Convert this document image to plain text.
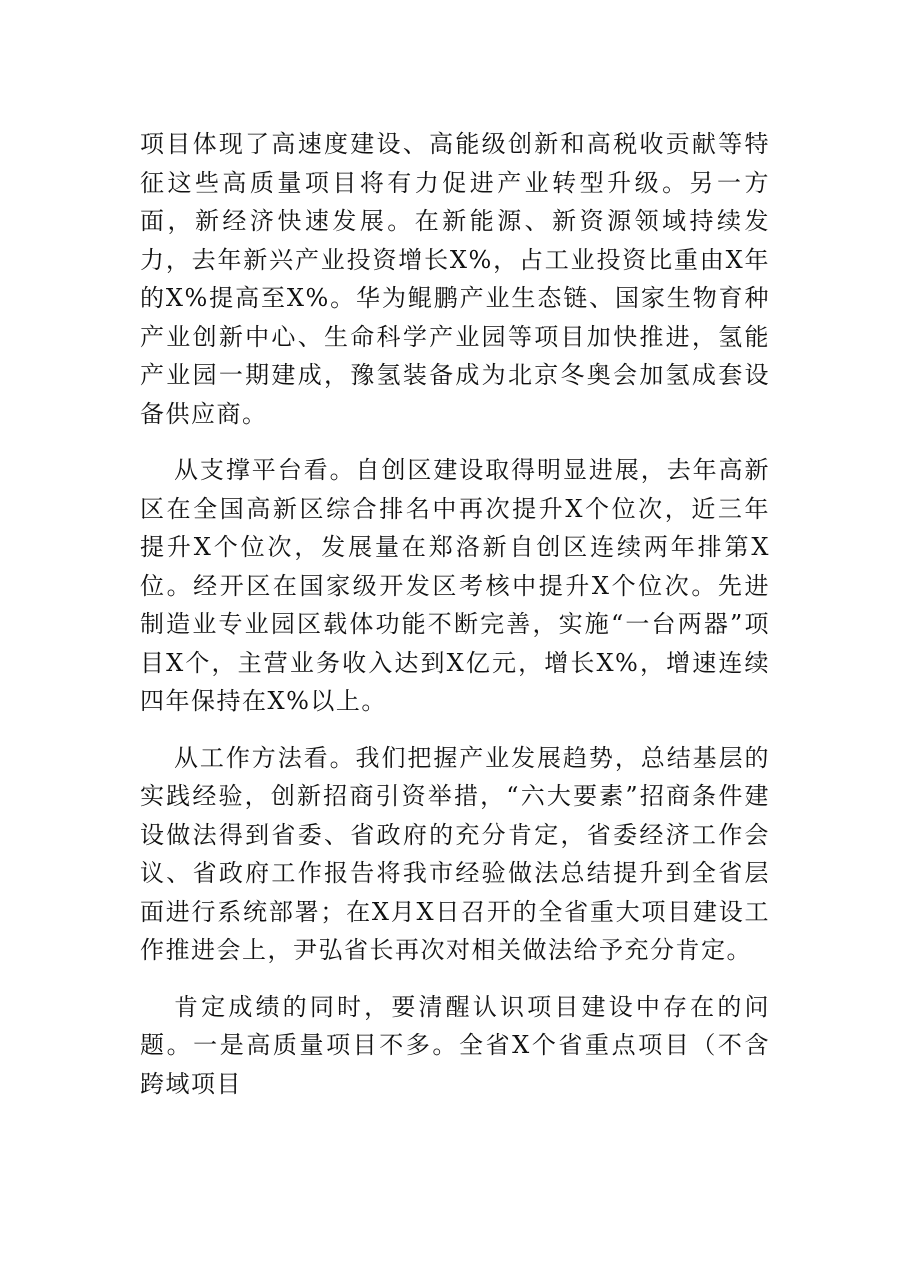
项目体现了高速度建设、高能级创新和高税收贡献等特征这些高质量项目将有力促进产业转型升级。另一方面，新经济快速发展。在新能源、新资源领域持续发力，去年新兴产业投资增长X%，占工业投资比重由X年的X%提高至X%。华为鲲鹏产业生态链、国家生物育种产业创新中心、生命科学产业园等项目加快推进，氢能产业园一期建成，豫氢装备成为北京冬奥会加氢成套设备供应商。

从支撑平台看。自创区建设取得明显进展，去年高新区在全国高新区综合排名中再次提升X个位次，近三年提升X个位次，发展量在郑洛新自创区连续两年排第X位。经开区在国家级开发区考核中提升X个位次。先进制造业专业园区载体功能不断完善，实施“一台两器”项目X个，主营业务收入达到X亿元，增长X%，增速连续四年保持在X%以上。

从工作方法看。我们把握产业发展趋势，总结基层的实践经验，创新招商引资举措，“六大要素”招商条件建设做法得到省委、省政府的充分肯定，省委经济工作会议、省政府工作报告将我市经验做法总结提升到全省层面进行系统部署；在X月X日召开的全省重大项目建设工作推进会上，尹弘省长再次对相关做法给予充分肯定。

肯定成绩的同时，要清醒认识项目建设中存在的问题。一是高质量项目不多。全省X个省重点项目（不含跨域项目
